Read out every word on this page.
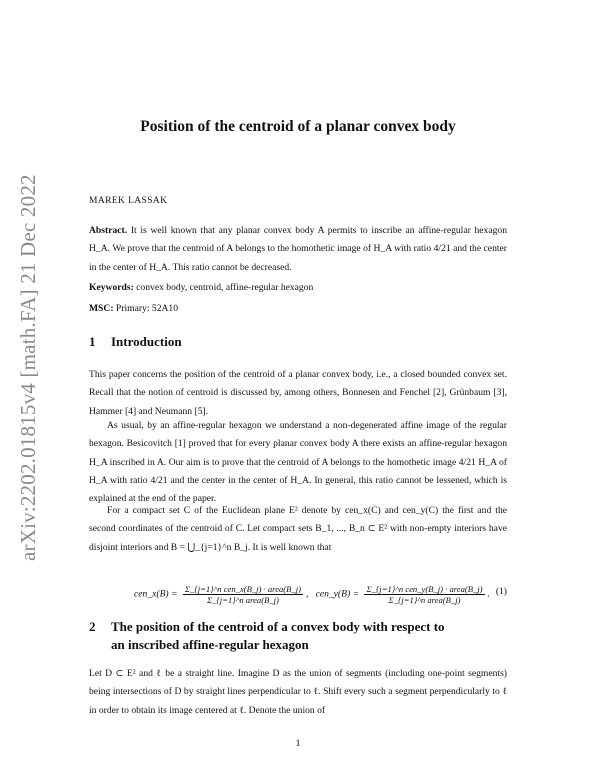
arXiv:2202.01815v4 [math.FA] 21 Dec 2022
Position of the centroid of a planar convex body
MAREK LASSAK
Abstract. It is well known that any planar convex body A permits to inscribe an affine-regular hexagon H_A. We prove that the centroid of A belongs to the homothetic image of H_A with ratio 4/21 and the center in the center of H_A. This ratio cannot be decreased.
Keywords: convex body, centroid, affine-regular hexagon
MSC: Primary: 52A10
1 Introduction
This paper concerns the position of the centroid of a planar convex body, i.e., a closed bounded convex set. Recall that the notion of centroid is discussed by, among others, Bonnesen and Fenchel [2], Grünbaum [3], Hammer [4] and Neumann [5].
As usual, by an affine-regular hexagon we understand a non-degenerated affine image of the regular hexagon. Besicovitch [1] proved that for every planar convex body A there exists an affine-regular hexagon H_A inscribed in A. Our aim is to prove that the centroid of A belongs to the homothetic image 4/21 H_A of H_A with ratio 4/21 and the center in the center of H_A. In general, this ratio cannot be lessened, which is explained at the end of the paper.
For a compact set C of the Euclidean plane E² denote by cen_x(C) and cen_y(C) the first and the second coordinates of the centroid of C. Let compact sets B_1, ..., B_n ⊂ E² with non-empty interiors have disjoint interiors and B = ⋃_{j=1}^n B_j. It is well known that
cen_x(B) = $\frac{\text{Σ\_\{j=1\}\textasciicircum{}n cen\_x(B\_j) · area(B\_j)}}{\text{Σ\_\{j=1\}\textasciicircum{}n area(B\_j)}}$ ,   cen_y(B) = $\frac{\text{Σ\_\{j=1\}\textasciicircum{}n cen\_y(B\_j) · area(B\_j)}}{\text{Σ\_\{j=1\}\textasciicircum{}n area(B\_j)}}$ . (1)
2	The position of the centroid of a convex body with respect to
an inscribed affine-regular hexagon
Let D ⊂ E² and ℓ be a straight line. Imagine D as the union of segments (including one-point segments) being intersections of D by straight lines perpendicular to ℓ. Shift every such a segment perpendicularly to ℓ in order to obtain its image centered at ℓ. Denote the union of
1
